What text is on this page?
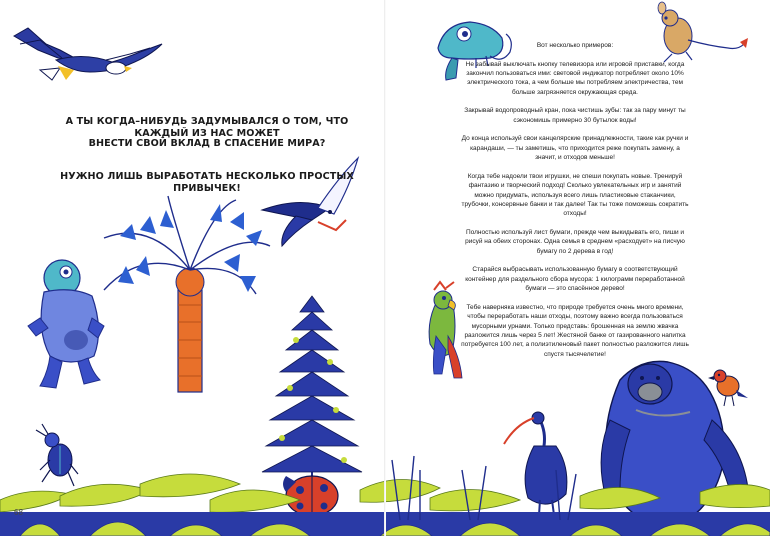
А ТЫ КОГДА–НИБУДЬ ЗАДУМЫВАЛСЯ О ТОМ, ЧТО КАЖДЫЙ ИЗ НАС МОЖЕТ

ВНЕСТИ СВОЙ ВКЛАД В СПАСЕНИЕ МИРА?

НУЖНО ЛИШЬ ВЫРАБОТАТЬ НЕСКОЛЬКО ПРОСТЫХ ПРИВЫЧЕК!

Вот несколько примеров:

Не забывай выключать кнопку телевизора или игровой приставки, когда закончил пользоваться ими: световой индикатор потребляет около 10% электрического тока, а чем больше мы потребляем электричества, тем больше загрязняется окружающая среда.

Закрывай водопроводный кран, пока чистишь зубы: так за пару минут ты сэкономишь примерно 30 бутылок воды!

До конца используй свои канцелярские принадлежности, такие как ручки и карандаши, — ты заметишь, что приходится реже покупать замену, а значит, и отходов меньше!

Когда тебе надоели твои игрушки, не спеши покупать новые. Тренируй фантазию и творческий подход! Сколько увлекательных игр и занятий можно придумать, используя всего лишь пластиковые стаканчики, трубочки, консервные банки и так далее! Так ты тоже поможешь сократить отходы!

Полностью используй лист бумаги, прежде чем выкидывать его, пиши и рисуй на обеих сторонах. Одна семья в среднем «расходует» на писчую бумагу по 2 дерева в год!

Старайся выбрасывать использованную бумагу в соответствующий контейнер для раздельного сбора мусора: 1 килограмм переработанной бумаги — это спасённое дерево!

Тебе наверняка известно, что природе требуется очень много времени, чтобы переработать наши отходы, поэтому важно всегда пользоваться мусорными урнами. Только представь: брошенная на землю жвачка разложится лишь через 5 лет! Жестяной банке от газированного напитка потребуется 100 лет, а полиэтиленовый пакет полностью разложится лишь спустя тысячелетие!

68
